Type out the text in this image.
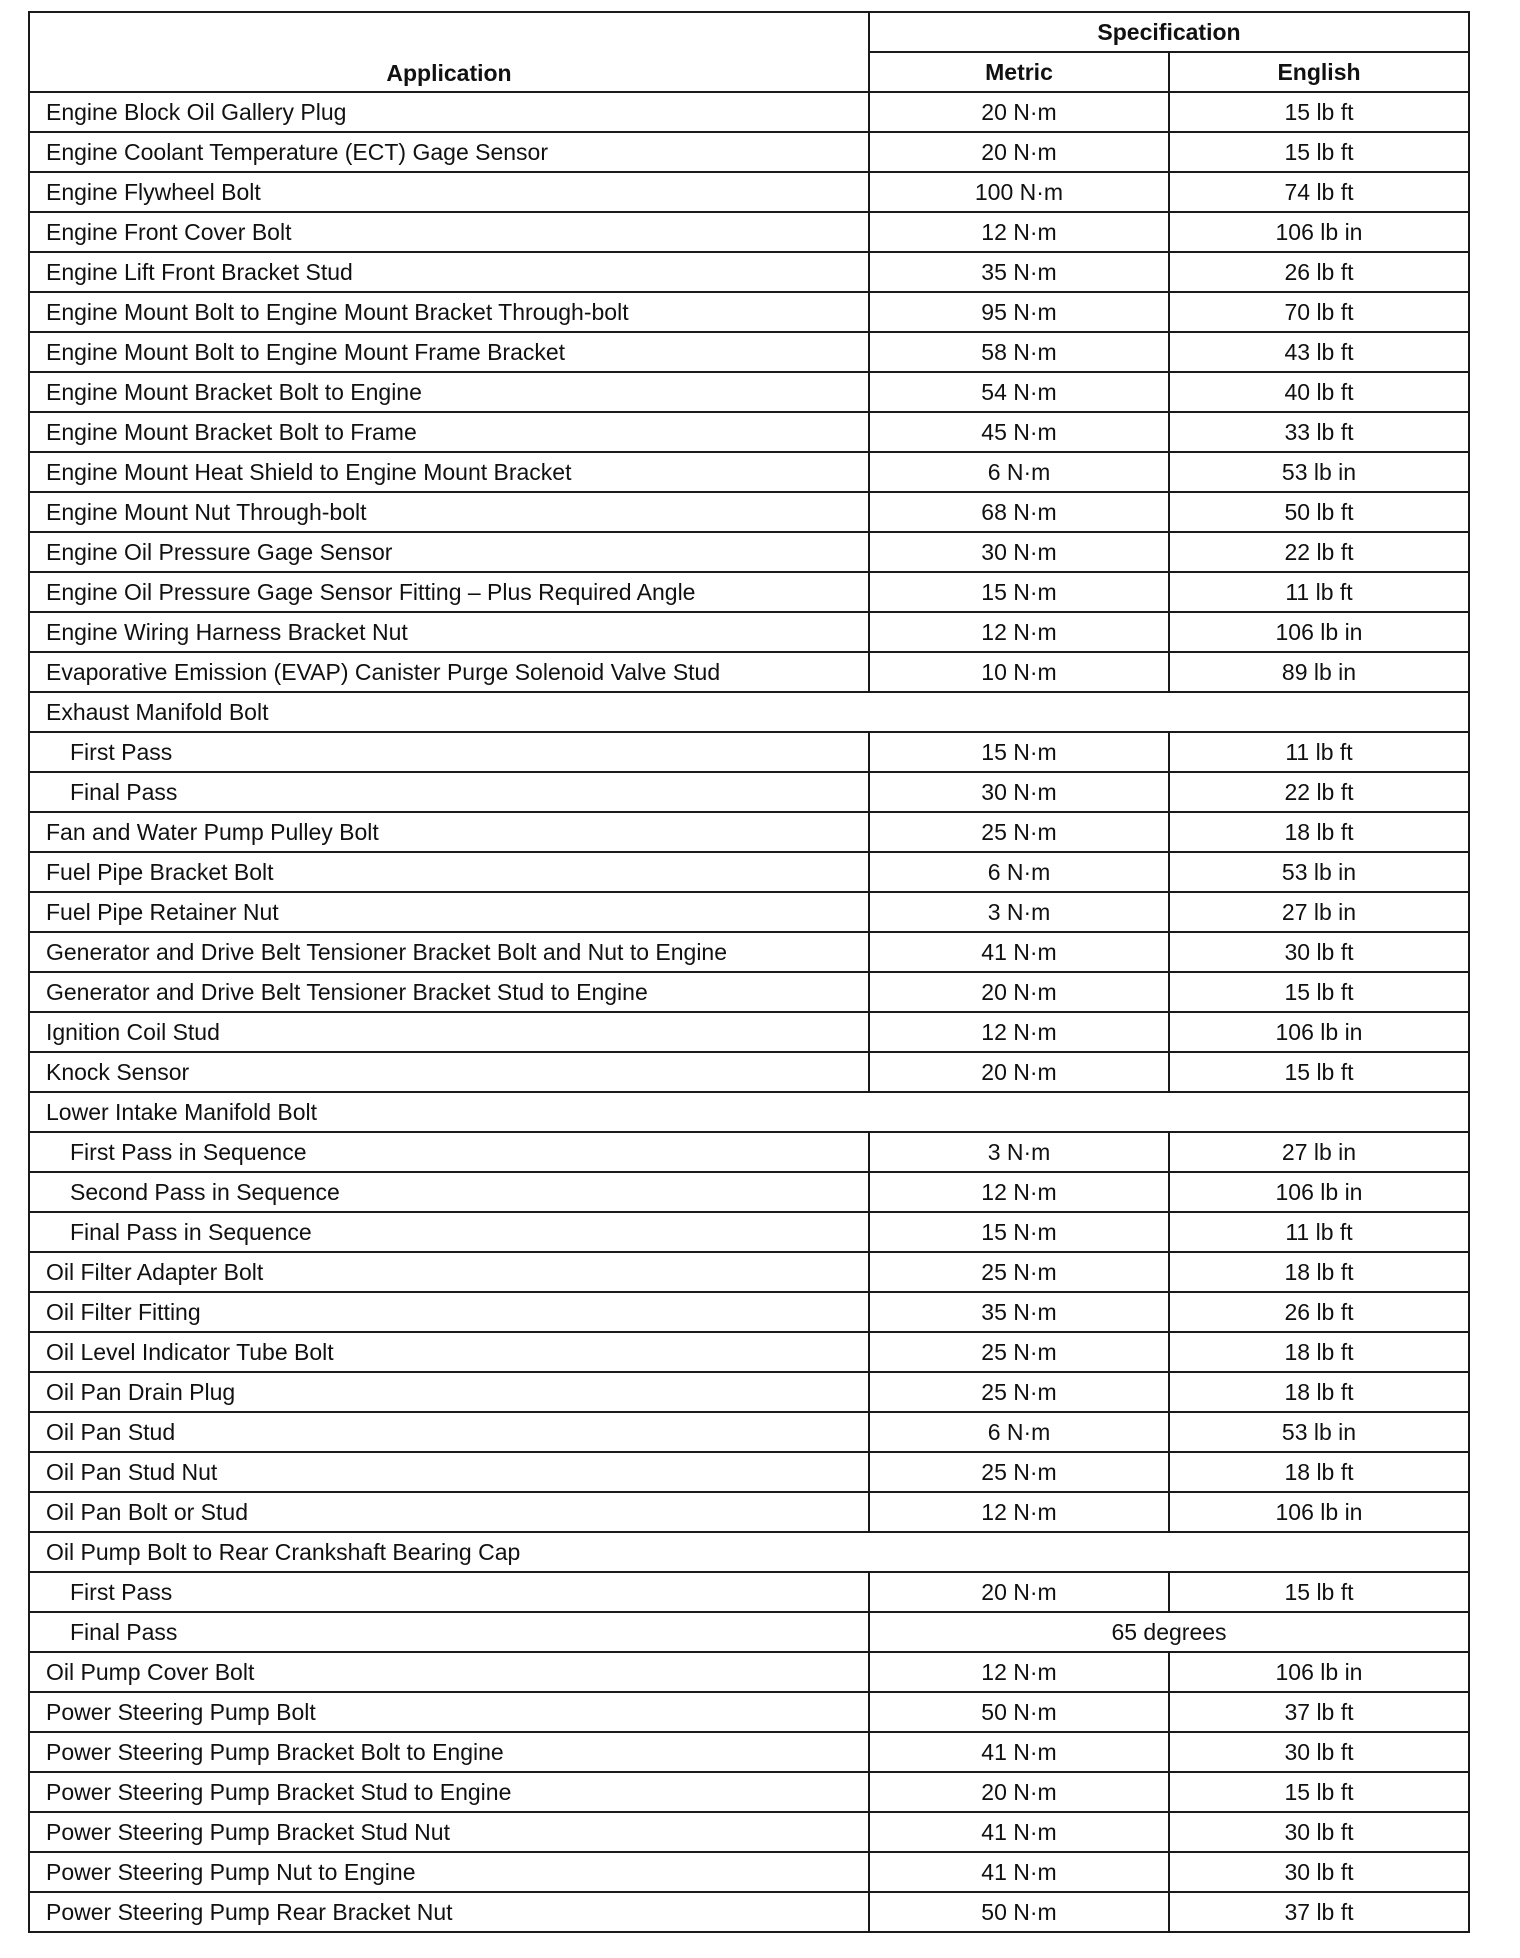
Application	Specification	
	Metric	English
Engine Block Oil Gallery Plug	20 N·m	15 lb ft
Engine Coolant Temperature (ECT) Gage Sensor	20 N·m	15 lb ft
Engine Flywheel Bolt	100 N·m	74 lb ft
Engine Front Cover Bolt	12 N·m	106 lb in
Engine Lift Front Bracket Stud	35 N·m	26 lb ft
Engine Mount Bolt to Engine Mount Bracket Through-bolt	95 N·m	70 lb ft
Engine Mount Bolt to Engine Mount Frame Bracket	58 N·m	43 lb ft
Engine Mount Bracket Bolt to Engine	54 N·m	40 lb ft
Engine Mount Bracket Bolt to Frame	45 N·m	33 lb ft
Engine Mount Heat Shield to Engine Mount Bracket	6 N·m	53 lb in
Engine Mount Nut Through-bolt	68 N·m	50 lb ft
Engine Oil Pressure Gage Sensor	30 N·m	22 lb ft
Engine Oil Pressure Gage Sensor Fitting – Plus Required Angle	15 N·m	11 lb ft
Engine Wiring Harness Bracket Nut	12 N·m	106 lb in
Evaporative Emission (EVAP) Canister Purge Solenoid Valve Stud	10 N·m	89 lb in
Exhaust Manifold Bolt		
First Pass	15 N·m	11 lb ft
Final Pass	30 N·m	22 lb ft
Fan and Water Pump Pulley Bolt	25 N·m	18 lb ft
Fuel Pipe Bracket Bolt	6 N·m	53 lb in
Fuel Pipe Retainer Nut	3 N·m	27 lb in
Generator and Drive Belt Tensioner Bracket Bolt and Nut to Engine	41 N·m	30 lb ft
Generator and Drive Belt Tensioner Bracket Stud to Engine	20 N·m	15 lb ft
Ignition Coil Stud	12 N·m	106 lb in
Knock Sensor	20 N·m	15 lb ft
Lower Intake Manifold Bolt		
First Pass in Sequence	3 N·m	27 lb in
Second Pass in Sequence	12 N·m	106 lb in
Final Pass in Sequence	15 N·m	11 lb ft
Oil Filter Adapter Bolt	25 N·m	18 lb ft
Oil Filter Fitting	35 N·m	26 lb ft
Oil Level Indicator Tube Bolt	25 N·m	18 lb ft
Oil Pan Drain Plug	25 N·m	18 lb ft
Oil Pan Stud	6 N·m	53 lb in
Oil Pan Stud Nut	25 N·m	18 lb ft
Oil Pan Bolt or Stud	12 N·m	106 lb in
Oil Pump Bolt to Rear Crankshaft Bearing Cap		
First Pass	20 N·m	15 lb ft
Final Pass	65 degrees	
Oil Pump Cover Bolt	12 N·m	106 lb in
Power Steering Pump Bolt	50 N·m	37 lb ft
Power Steering Pump Bracket Bolt to Engine	41 N·m	30 lb ft
Power Steering Pump Bracket Stud to Engine	20 N·m	15 lb ft
Power Steering Pump Bracket Stud Nut	41 N·m	30 lb ft
Power Steering Pump Nut to Engine	41 N·m	30 lb ft
Power Steering Pump Rear Bracket Nut	50 N·m	37 lb ft
